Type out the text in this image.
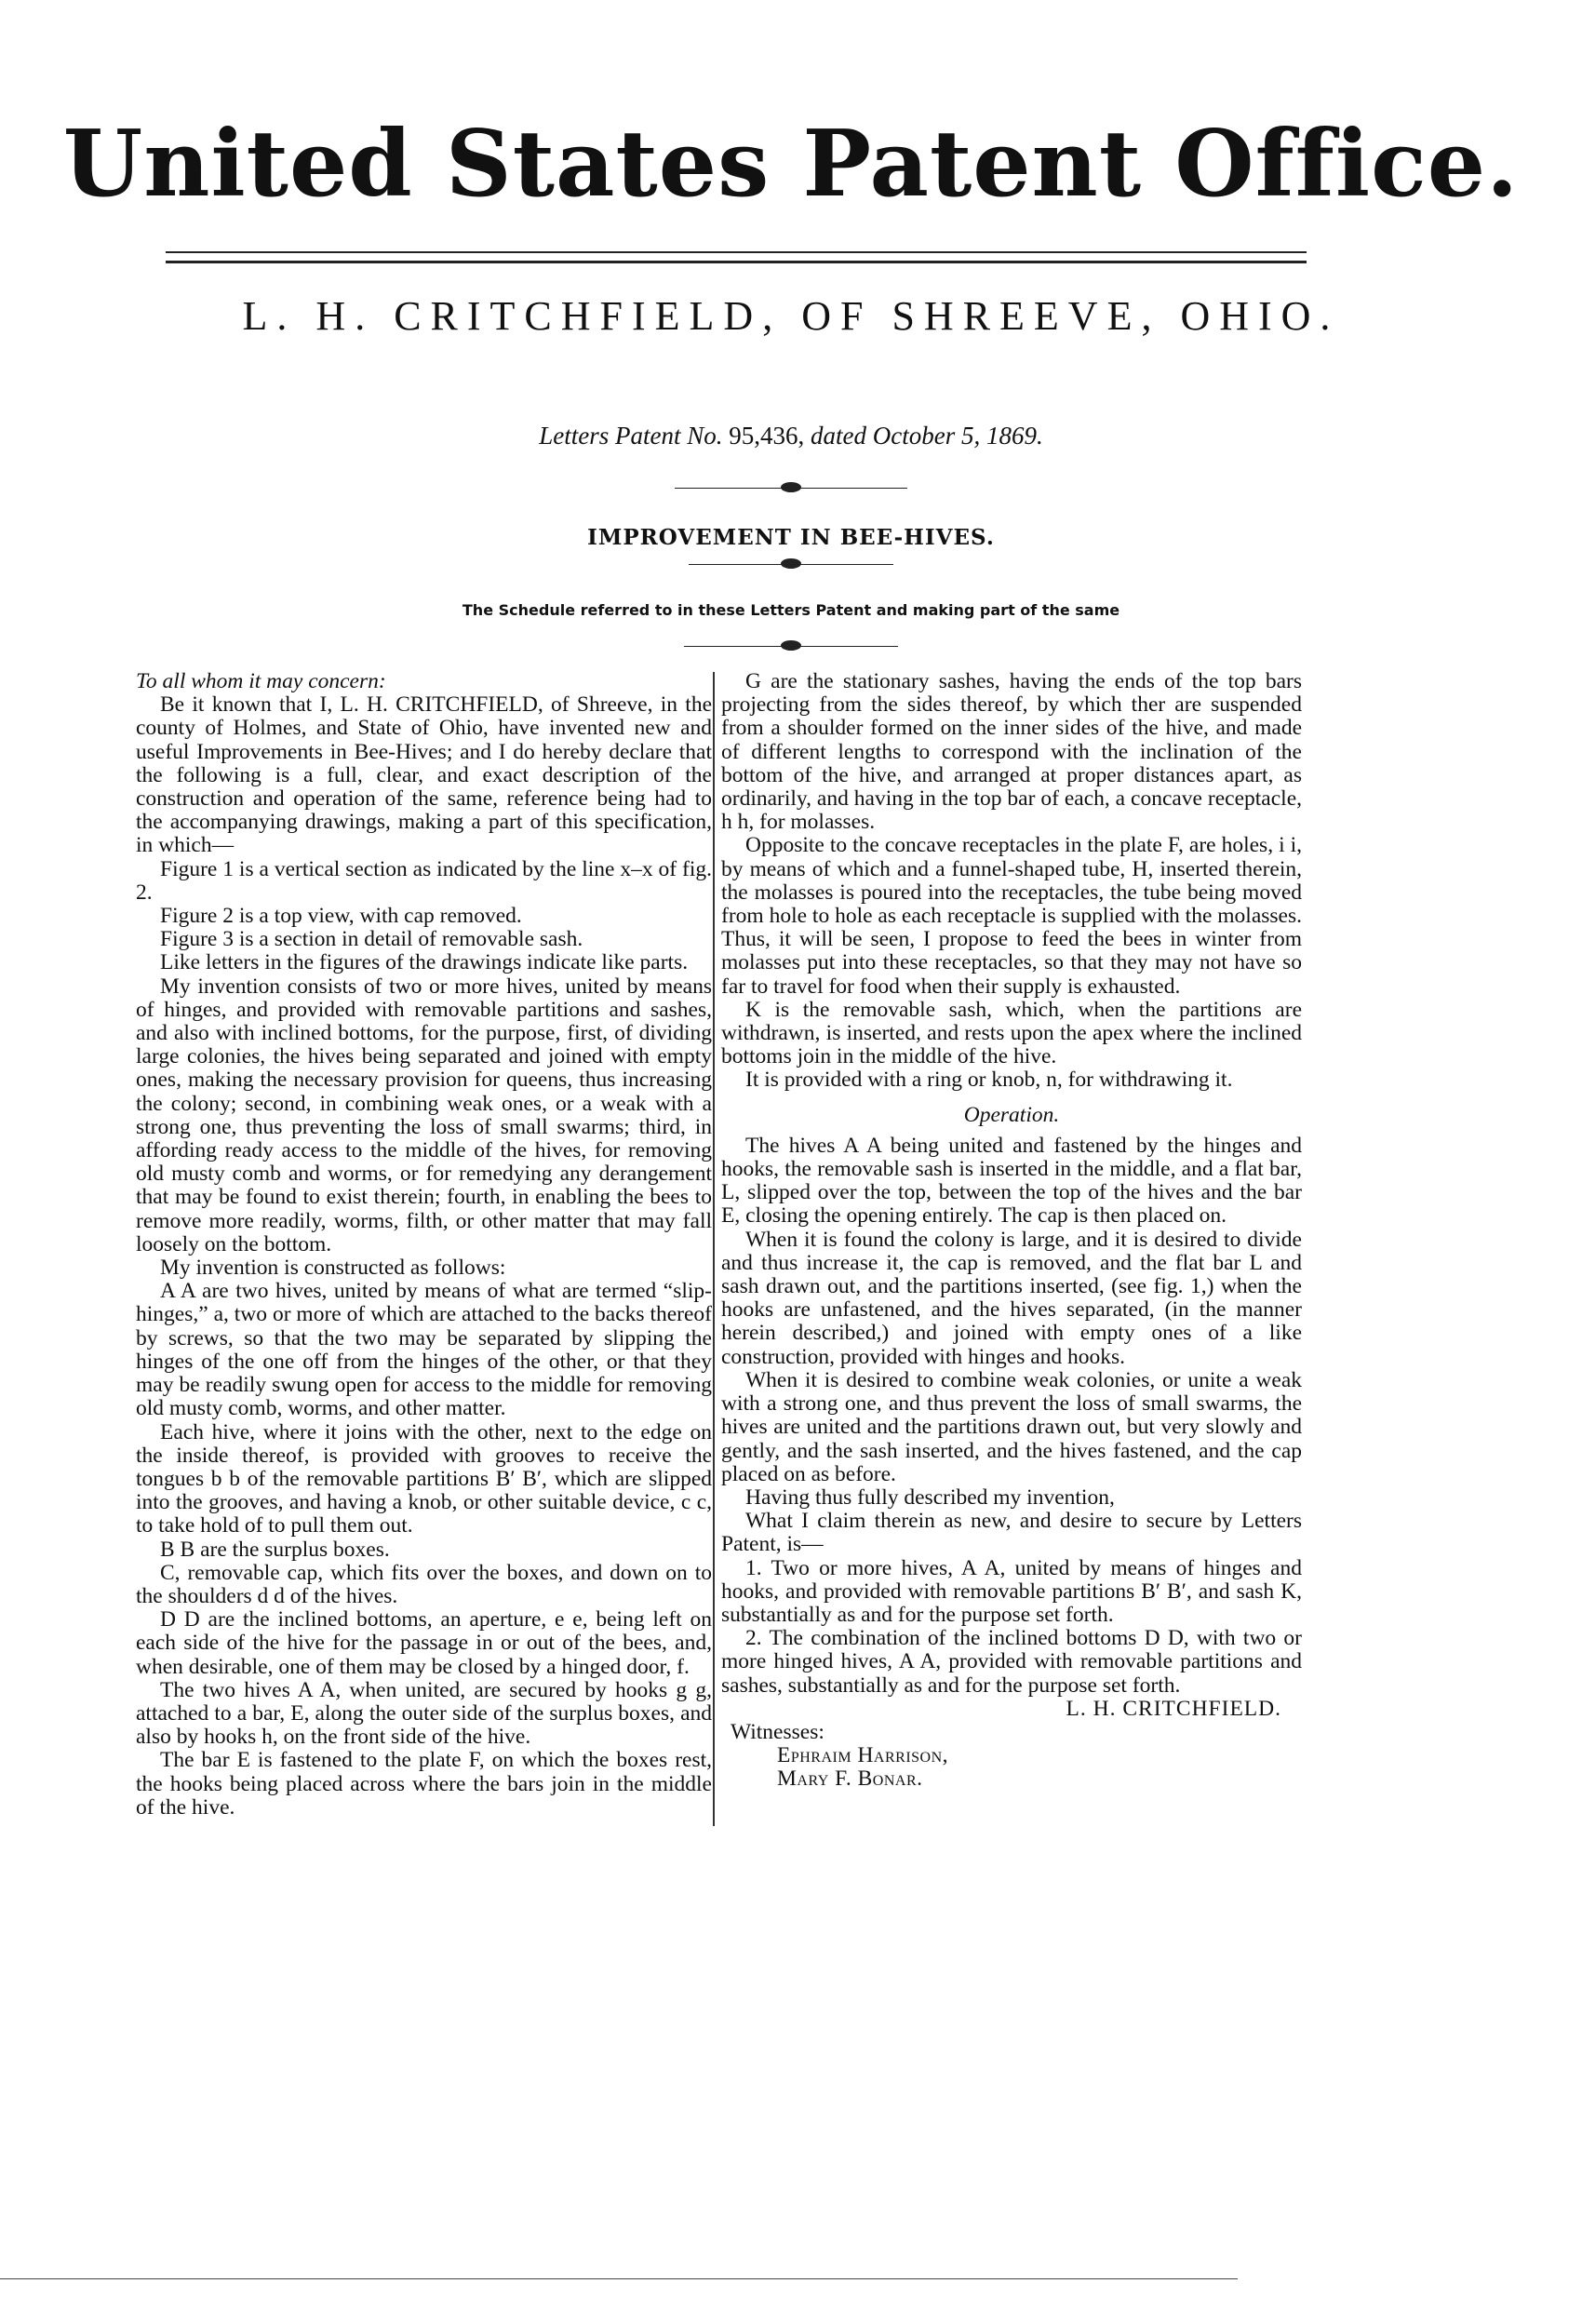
United States Patent Office.
L. H. CRITCHFIELD, OF SHREEVE, OHIO.
Letters Patent No. 95,436, dated October 5, 1869.
IMPROVEMENT IN BEE-HIVES.
The Schedule referred to in these Letters Patent and making part of the same

To all whom it may concern:

Be it known that I, L. H. CRITCHFIELD, of Shreeve, in the county of Holmes, and State of Ohio, have invented new and useful Improvements in Bee-Hives; and I do hereby declare that the following is a full, clear, and exact description of the construction and operation of the same, reference being had to the accompanying drawings, making a part of this specification, in which—

Figure 1 is a vertical section as indicated by the line x–x of fig. 2.

Figure 2 is a top view, with cap removed.

Figure 3 is a section in detail of removable sash.

Like letters in the figures of the drawings indicate like parts.

My invention consists of two or more hives, united by means of hinges, and provided with removable partitions and sashes, and also with inclined bottoms, for the purpose, first, of dividing large colonies, the hives being separated and joined with empty ones, making the necessary provision for queens, thus increasing the colony; second, in combining weak ones, or a weak with a strong one, thus preventing the loss of small swarms; third, in affording ready access to the middle of the hives, for removing old musty comb and worms, or for remedying any derangement that may be found to exist therein; fourth, in enabling the bees to remove more readily, worms, filth, or other matter that may fall loosely on the bottom.

My invention is constructed as follows:

A A are two hives, united by means of what are termed “slip-hinges,” a, two or more of which are attached to the backs thereof by screws, so that the two may be separated by slipping the hinges of the one off from the hinges of the other, or that they may be readily swung open for access to the middle for removing old musty comb, worms, and other matter.

Each hive, where it joins with the other, next to the edge on the inside thereof, is provided with grooves to receive the tongues b b of the removable partitions B′ B′, which are slipped into the grooves, and having a knob, or other suitable device, c c, to take hold of to pull them out.

B B are the surplus boxes.

C, removable cap, which fits over the boxes, and down on to the shoulders d d of the hives.

D D are the inclined bottoms, an aperture, e e, being left on each side of the hive for the passage in or out of the bees, and, when desirable, one of them may be closed by a hinged door, f.

The two hives A A, when united, are secured by hooks g g, attached to a bar, E, along the outer side of the surplus boxes, and also by hooks h, on the front side of the hive.

The bar E is fastened to the plate F, on which the boxes rest, the hooks being placed across where the bars join in the middle of the hive.

G are the stationary sashes, having the ends of the top bars projecting from the sides thereof, by which ther are suspended from a shoulder formed on the inner sides of the hive, and made of different lengths to correspond with the inclination of the bottom of the hive, and arranged at proper distances apart, as ordinarily, and having in the top bar of each, a concave receptacle, h h, for molasses.

Opposite to the concave receptacles in the plate F, are holes, i i, by means of which and a funnel-shaped tube, H, inserted therein, the molasses is poured into the receptacles, the tube being moved from hole to hole as each receptacle is supplied with the molasses. Thus, it will be seen, I propose to feed the bees in winter from molasses put into these receptacles, so that they may not have so far to travel for food when their supply is exhausted.

K is the removable sash, which, when the partitions are withdrawn, is inserted, and rests upon the apex where the inclined bottoms join in the middle of the hive.

It is provided with a ring or knob, n, for withdrawing it.

Operation.

The hives A A being united and fastened by the hinges and hooks, the removable sash is inserted in the middle, and a flat bar, L, slipped over the top, between the top of the hives and the bar E, closing the opening entirely. The cap is then placed on.

When it is found the colony is large, and it is desired to divide and thus increase it, the cap is removed, and the flat bar L and sash drawn out, and the partitions inserted, (see fig. 1,) when the hooks are unfastened, and the hives separated, (in the manner herein described,) and joined with empty ones of a like construction, provided with hinges and hooks.

When it is desired to combine weak colonies, or unite a weak with a strong one, and thus prevent the loss of small swarms, the hives are united and the partitions drawn out, but very slowly and gently, and the sash inserted, and the hives fastened, and the cap placed on as before.

Having thus fully described my invention,

What I claim therein as new, and desire to secure by Letters Patent, is—

1. Two or more hives, A A, united by means of hinges and hooks, and provided with removable partitions B′ B′, and sash K, substantially as and for the purpose set forth.

2. The combination of the inclined bottoms D D, with two or more hinged hives, A A, provided with removable partitions and sashes, substantially as and for the purpose set forth.

L. H. CRITCHFIELD.

Witnesses:

Ephraim Harrison,

Mary F. Bonar.
